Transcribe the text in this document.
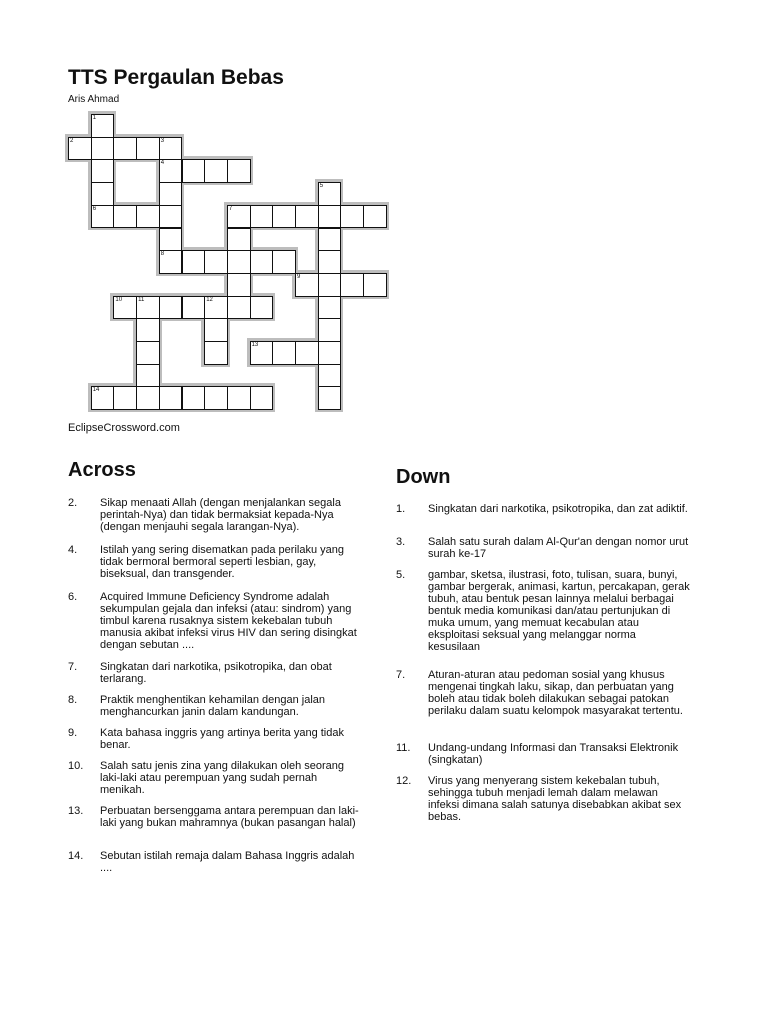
TTS Pergaulan Bebas
Aris Ahmad
2	3
4
6	7
8
9
10	11	12
13
14
1
5
EclipseCrossword.com
Across	Down
2. Sikap menaati Allah (dengan menjalankan segala perintah-Nya) dan tidak bermaksiat kepada-Nya (dengan menjauhi segala larangan-Nya).
4. Istilah yang sering disematkan pada perilaku yang tidak bermoral bermoral seperti lesbian, gay, biseksual, dan transgender.
6. Acquired Immune Deficiency Syndrome adalah sekumpulan gejala dan infeksi (atau: sindrom) yang timbul karena rusaknya sistem kekebalan tubuh manusia akibat infeksi virus HIV dan sering disingkat dengan sebutan ....
7. Singkatan dari narkotika, psikotropika, dan obat terlarang.
8. Praktik menghentikan kehamilan dengan jalan menghancurkan janin dalam kandungan.
9. Kata bahasa inggris yang artinya berita yang tidak benar.
10. Salah satu jenis zina yang dilakukan oleh seorang laki-laki atau perempuan yang sudah pernah menikah.
13. Perbuatan bersenggama antara perempuan dan laki-laki yang bukan mahramnya (bukan pasangan halal)
14. Sebutan istilah remaja dalam Bahasa Inggris adalah ....
1. Singkatan dari narkotika, psikotropika, dan zat adiktif.
3. Salah satu surah dalam Al-Qur'an dengan nomor urut surah ke-17
5. gambar, sketsa, ilustrasi, foto, tulisan, suara, bunyi, gambar bergerak, animasi, kartun, percakapan, gerak tubuh, atau bentuk pesan lainnya melalui berbagai bentuk media komunikasi dan/atau pertunjukan di muka umum, yang memuat kecabulan atau eksploitasi seksual yang melanggar norma kesusilaan
7. Aturan-aturan atau pedoman sosial yang khusus mengenai tingkah laku, sikap, dan perbuatan yang boleh atau tidak boleh dilakukan sebagai patokan perilaku dalam suatu kelompok masyarakat tertentu.
11. Undang-undang Informasi dan Transaksi Elektronik (singkatan)
12. Virus yang menyerang sistem kekebalan tubuh, sehingga tubuh menjadi lemah dalam melawan infeksi dimana salah satunya disebabkan akibat sex bebas.
